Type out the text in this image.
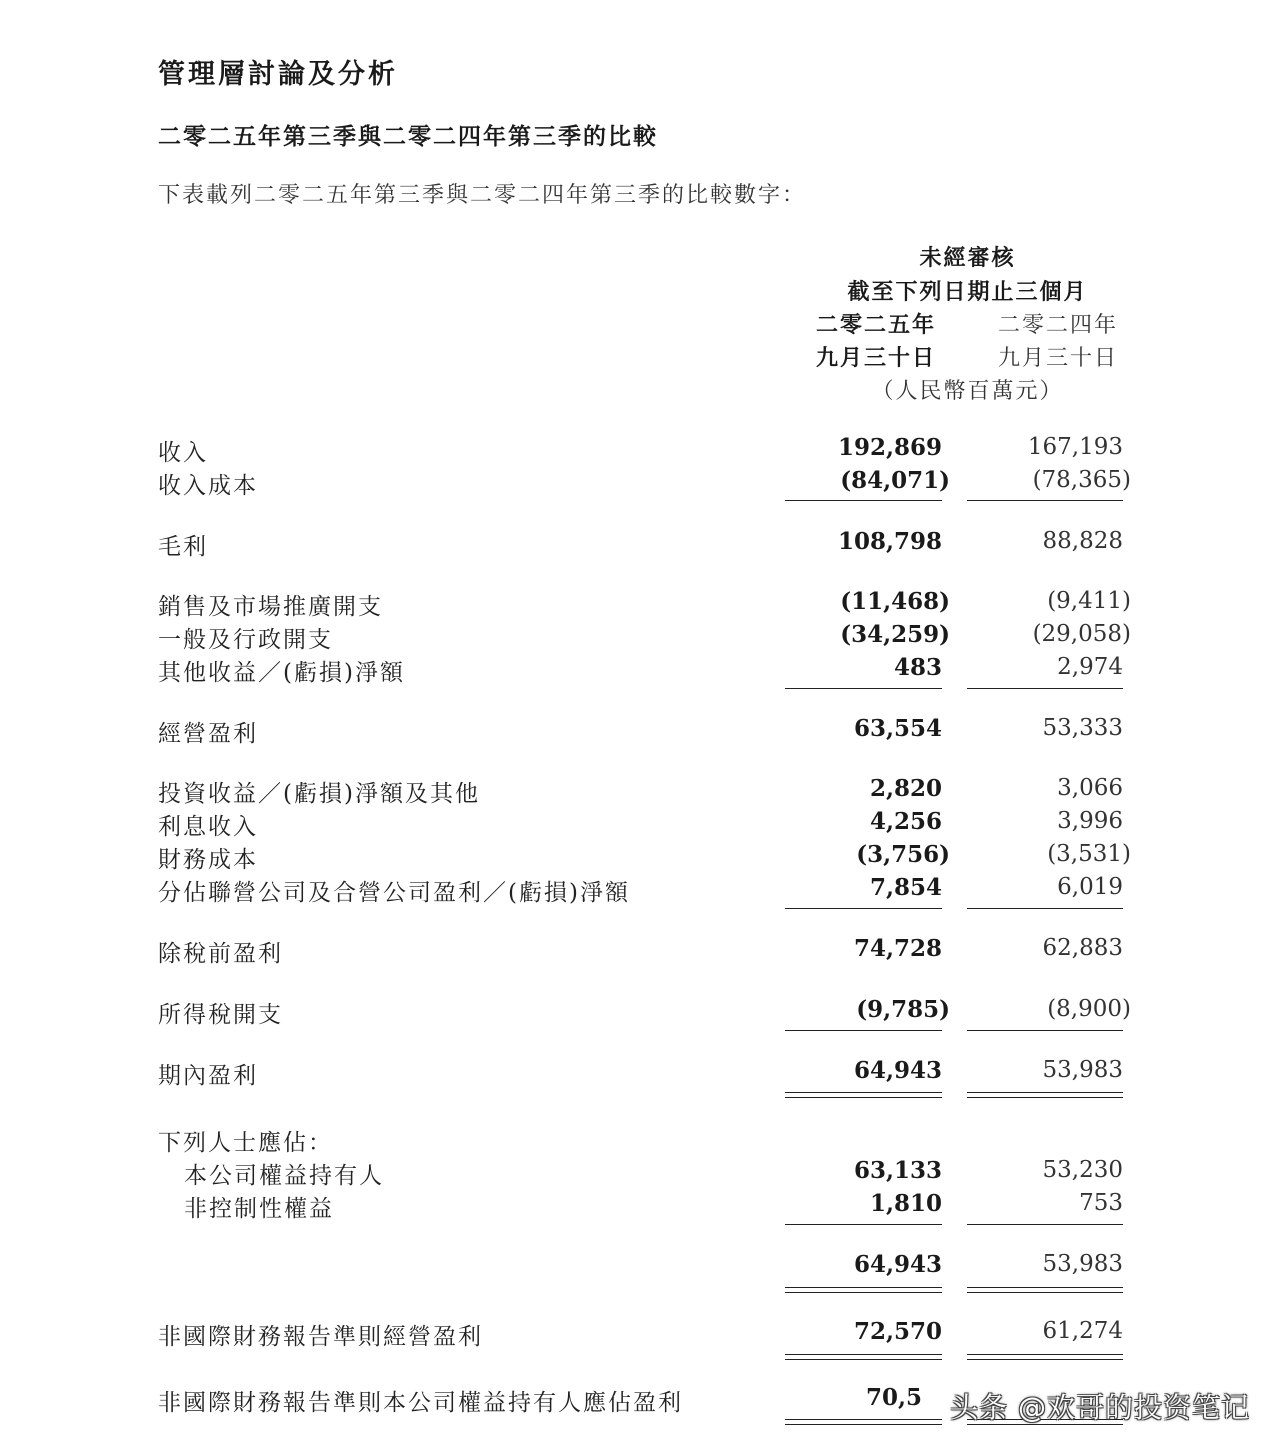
管理層討論及分析
二零二五年第三季與二零二四年第三季的比較
下表載列二零二五年第三季與二零二四年第三季的比較數字：
未經審核
截至下列日期止三個月
二零二五年	二零二四年
九月三十日	九月三十日
（人民幣百萬元）
收入	192,869	167,193
收入成本	(84,071)	(78,365)
毛利	108,798	88,828
銷售及市場推廣開支	(11,468)	(9,411)
一般及行政開支	(34,259)	(29,058)
其他收益／(虧損)淨額	483	2,974
經營盈利	63,554	53,333
投資收益／(虧損)淨額及其他	2,820	3,066
利息收入	4,256	3,996
財務成本	(3,756)	(3,531)
分佔聯營公司及合營公司盈利／(虧損)淨額	7,854	6,019
除稅前盈利	74,728	62,883
所得稅開支	(9,785)	(8,900)
期內盈利	64,943	53,983
下列人士應佔：
本公司權益持有人	63,133	53,230
非控制性權益	1,810	753
64,943	53,983
非國際財務報告準則經營盈利	72,570	61,274
非國際財務報告準則本公司權益持有人應佔盈利	70,5 头条 @欢哥的投资笔记
